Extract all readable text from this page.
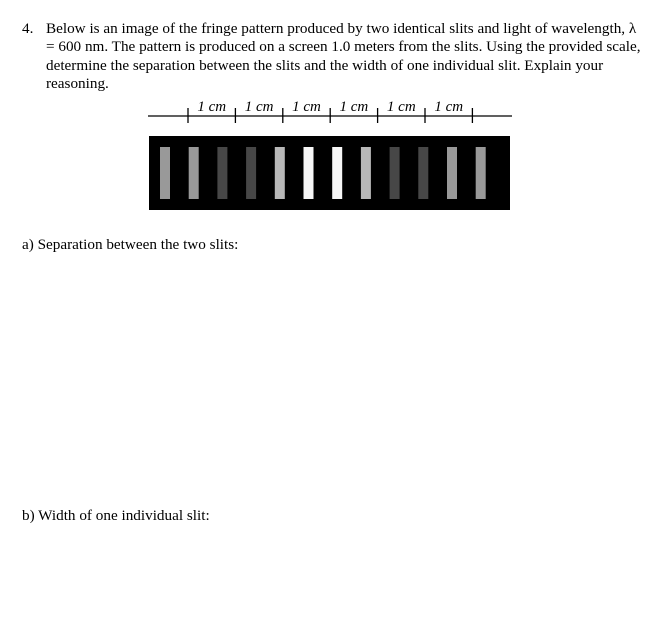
4. Below is an image of the fringe pattern produced by two identical slits and light of wavelength, λ = 600 nm. The pattern is produced on a screen 1.0 meters from the slits. Using the provided scale, determine the separation between the slits and the width of one individual slit. Explain your reasoning.
1 cm 1 cm 1 cm 1 cm 1 cm 1 cm
a) Separation between the two slits:
b) Width of one individual slit:
